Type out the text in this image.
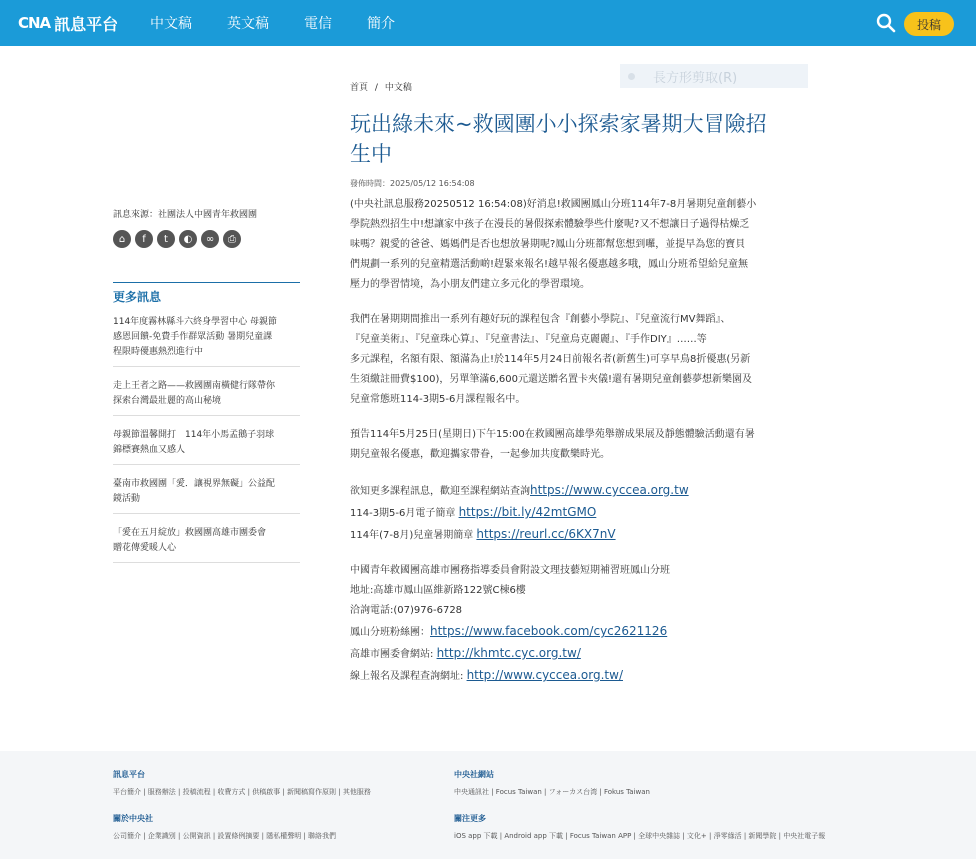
CNA 訊息平台 中文稿	英文稿	電信	簡介	投稿
長方形剪取(R)
訊息來源：社團法人中國青年救國團
⌂	f	t	◐	∞	⎙
更多訊息
114年度霧林縣斗六終身學習中心 母親節
感恩回饋-免費手作群眾活動 暑期兒童課
程限時優惠熱烈進行中
走上王者之路——救國團南橫健行隊帶你
探索台灣最壯麗的高山秘境
母親節溫馨開打　114年小馬孟鵝子羽球
錦標賽熱血又感人
臺南市救國團「愛．讓視界無礙」公益配
鏡活動
「愛在五月綻放」救國團高雄市團委會
贈花傳愛暖人心
首頁 / 中文稿
玩出綠未來~救國團小小探索家暑期大冒險招
生中
發佈時間：2025/05/12 16:54:08
(中央社訊息服務20250512 16:54:08)好消息!救國團鳳山分班114年7-8月暑期兒童創藝小
學院熱烈招生中!想讓家中孩子在漫長的暑假探索體驗學些什麼呢?又不想讓日子過得枯燥乏
味嗎？親愛的爸爸、媽媽們是否也想放暑期呢?鳳山分班都幫您想到囉，並提早為您的寶貝
們規劃一系列的兒童精選活動啲!趕緊來報名!越早報名優惠越多哦，鳳山分班希望給兒童無
壓力的學習情境，為小朋友們建立多元化的學習環境。
我們在暑期期間推出一系列有趣好玩的課程包含『創藝小學院』、『兒童流行MV舞蹈』、
『兒童美術』、『兒童珠心算』、『兒童書法』、『兒童烏克麗麗』、『手作DIY』……等
多元課程，名額有限、額滿為止!於114年5月24日前報名者(新舊生)可享早鳥8折優惠(另新
生須繳註冊費$100)，另單筆滿6,600元還送贈名置卡夾儀!還有暑期兒童創藝夢想新樂園及
兒童常態班114-3期5-6月課程報名中。
預告114年5月25日(星期日)下午15:00在救國團高雄學苑舉辦成果展及靜態體驗活動還有暑
期兒童報名優惠，歡迎攜家帶眷，一起參加共度歡樂時光。
欲知更多課程訊息，歡迎至課程網站查詢https://www.cyccea.org.tw
114-3期5-6月電子簡章 https://bit.ly/42mtGMO
114年(7-8月)兒童暑期簡章 https://reurl.cc/6KX7nV
中國青年救國團高雄市團務指導委員會附設文理技藝短期補習班鳳山分班
地址:高雄市鳳山區維新路122號C棟6樓
洽詢電話:(07)976-6728
鳳山分班粉絲團：https://www.facebook.com/cyc2621126
高雄市團委會網站: http://khmtc.cyc.org.tw/
線上報名及課程查詢網址: http://www.cyccea.org.tw/
訊息平台
平台簡介 | 服務辦法 | 投稿流程 | 收費方式 | 供稿啟事 | 新聞稿寫作原則 | 其他服務
關於中央社
公司簡介 | 企業識別 | 公開資訊 | 設置條例摘要 | 隱私權聲明 | 聯絡我們
中央社網站
中央通訊社 | Focus Taiwan | フォーカス台湾 | Fokus Taiwan
關注更多
iOS app 下載 | Android app 下載 | Focus Taiwan APP | 全球中央雜誌 | 文化+ | 淨零綠活 | 新聞學院 | 中央社電子報
